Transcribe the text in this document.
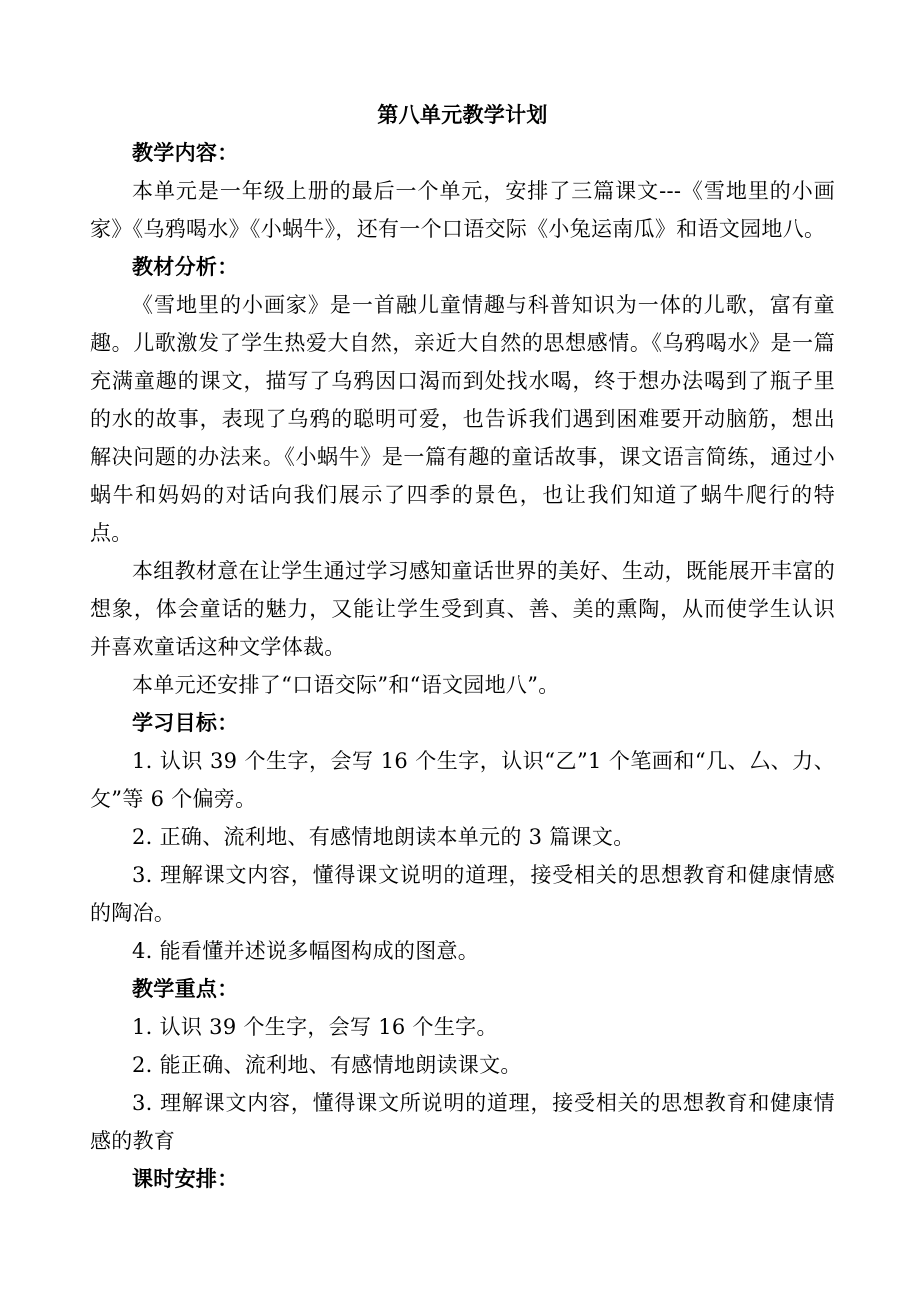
第八单元教学计划
教学内容：

本单元是一年级上册的最后一个单元，安排了三篇课文---《雪地里的小画家》《乌鸦喝水》《小蜗牛》，还有一个口语交际《小兔运南瓜》和语文园地八。

教材分析：

《雪地里的小画家》是一首融儿童情趣与科普知识为一体的儿歌，富有童趣。儿歌激发了学生热爱大自然，亲近大自然的思想感情。《乌鸦喝水》是一篇充满童趣的课文，描写了乌鸦因口渴而到处找水喝，终于想办法喝到了瓶子里的水的故事，表现了乌鸦的聪明可爱，也告诉我们遇到困难要开动脑筋，想出解决问题的办法来。《小蜗牛》是一篇有趣的童话故事，课文语言简练，通过小蜗牛和妈妈的对话向我们展示了四季的景色，也让我们知道了蜗牛爬行的特点。

本组教材意在让学生通过学习感知童话世界的美好、生动，既能展开丰富的想象，体会童话的魅力，又能让学生受到真、善、美的熏陶，从而使学生认识并喜欢童话这种文学体裁。

本单元还安排了“口语交际”和“语文园地八”。

学习目标：

1. 认识 39 个生字，会写 16 个生字，认识“乙”1 个笔画和“几、厶、力、攵”等 6 个偏旁。

2. 正确、流利地、有感情地朗读本单元的 3 篇课文。

3. 理解课文内容，懂得课文说明的道理，接受相关的思想教育和健康情感的陶冶。

4. 能看懂并述说多幅图构成的图意。

教学重点：

1. 认识 39 个生字，会写 16 个生字。

2. 能正确、流利地、有感情地朗读课文。

3. 理解课文内容，懂得课文所说明的道理，接受相关的思想教育和健康情感的教育

课时安排：
